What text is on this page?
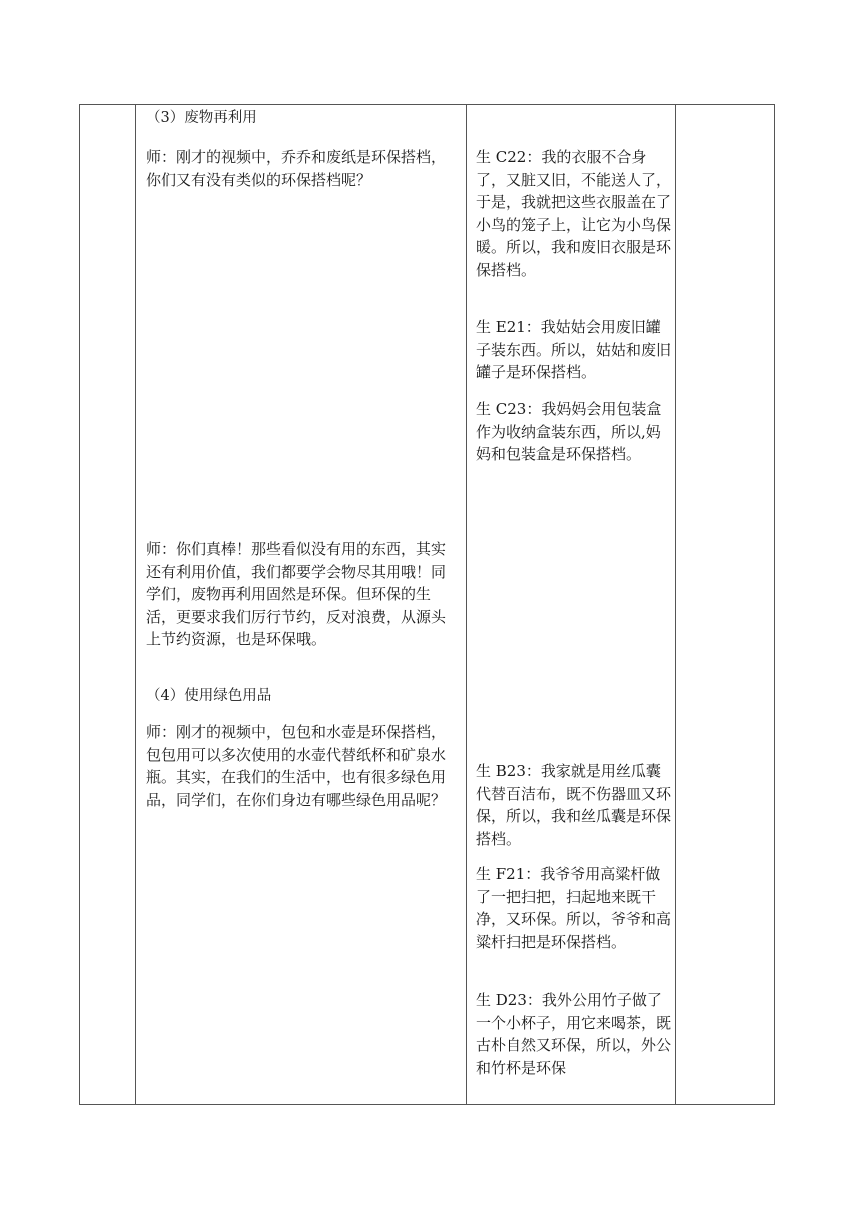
（3）废物再利用

师：刚才的视频中，乔乔和废纸是环保搭档，你们又有没有类似的环保搭档呢？

师：你们真棒！那些看似没有用的东西，其实还有利用价值，我们都要学会物尽其用哦！同学们，废物再利用固然是环保。但环保的生活，更要求我们厉行节约，反对浪费，从源头上节约资源，也是环保哦。

（4）使用绿色用品

师：刚才的视频中，包包和水壶是环保搭档，包包用可以多次使用的水壶代替纸杯和矿泉水瓶。其实，在我们的生活中，也有很多绿色用品，同学们，在你们身边有哪些绿色用品呢？

生 C22：我的衣服不合身了，又脏又旧，不能送人了，于是，我就把这些衣服盖在了小鸟的笼子上，让它为小鸟保暖。所以，我和废旧衣服是环保搭档。

生 E21：我姑姑会用废旧罐子装东西。所以，姑姑和废旧罐子是环保搭档。

生 C23：我妈妈会用包装盒作为收纳盒装东西，所以,妈妈和包装盒是环保搭档。

生 B23：我家就是用丝瓜囊代替百洁布，既不伤器皿又环保，所以，我和丝瓜囊是环保搭档。

生 F21：我爷爷用高粱杆做了一把扫把，扫起地来既干净，又环保。所以，爷爷和高粱杆扫把是环保搭档。

生 D23：我外公用竹子做了一个小杯子，用它来喝茶，既古朴自然又环保，所以，外公和竹杯是环保
